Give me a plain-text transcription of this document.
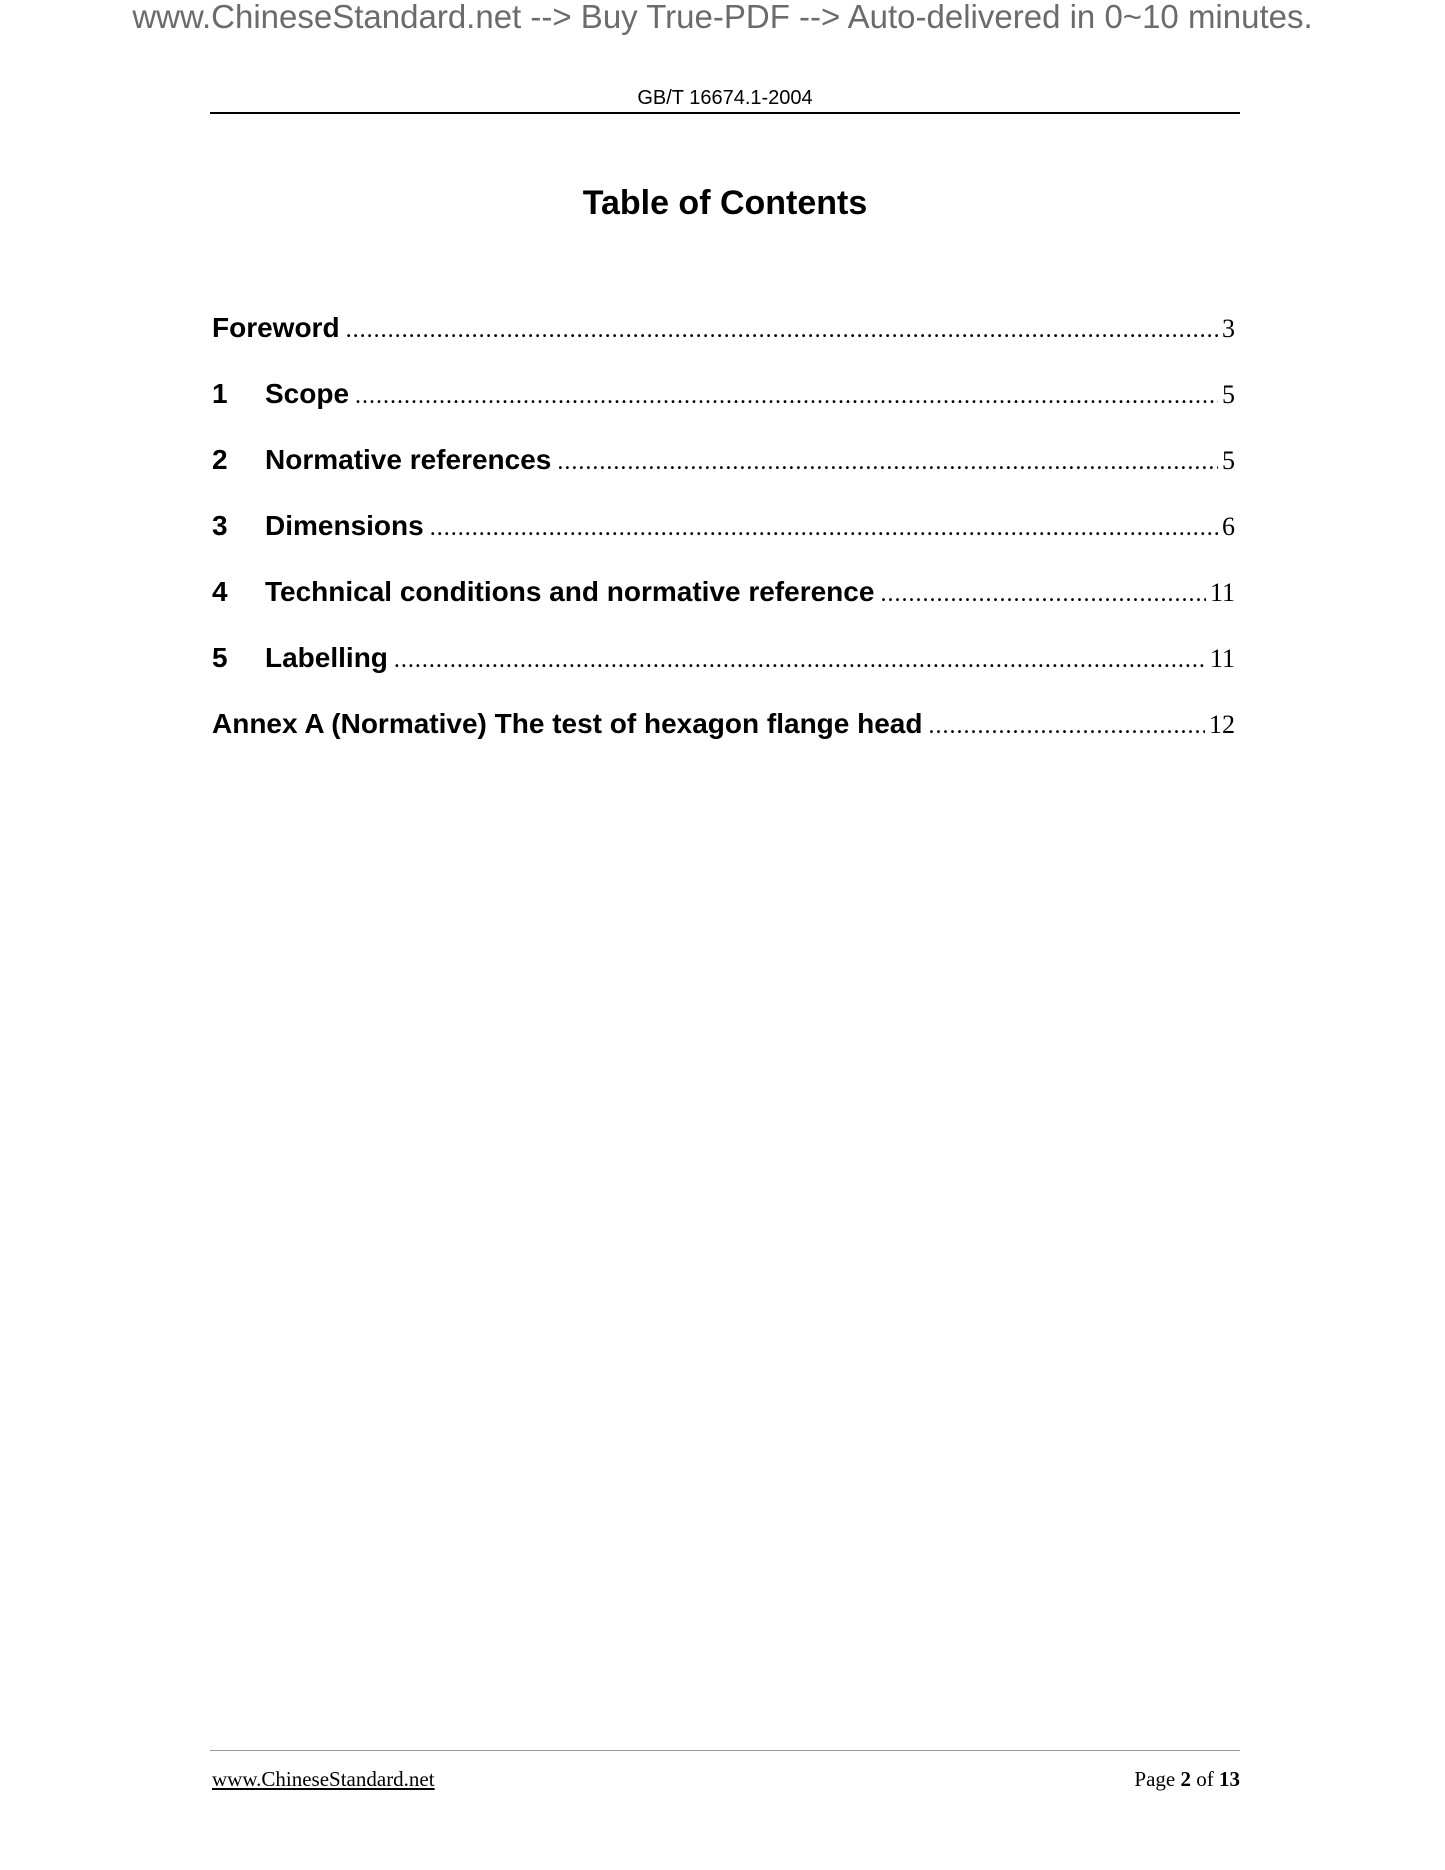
www.ChineseStandard.net --> Buy True-PDF --> Auto-delivered in 0~10 minutes.
GB/T 16674.1-2004
Table of Contents
Foreword .....	3
1	Scope .....	5
2	Normative references .....	5
3	Dimensions .....	6
4	Technical conditions and normative reference .....	11
5	Labelling .....	11
Annex A (Normative) The test of hexagon flange head .....	12
www.ChineseStandard.net	Page 2 of 13
